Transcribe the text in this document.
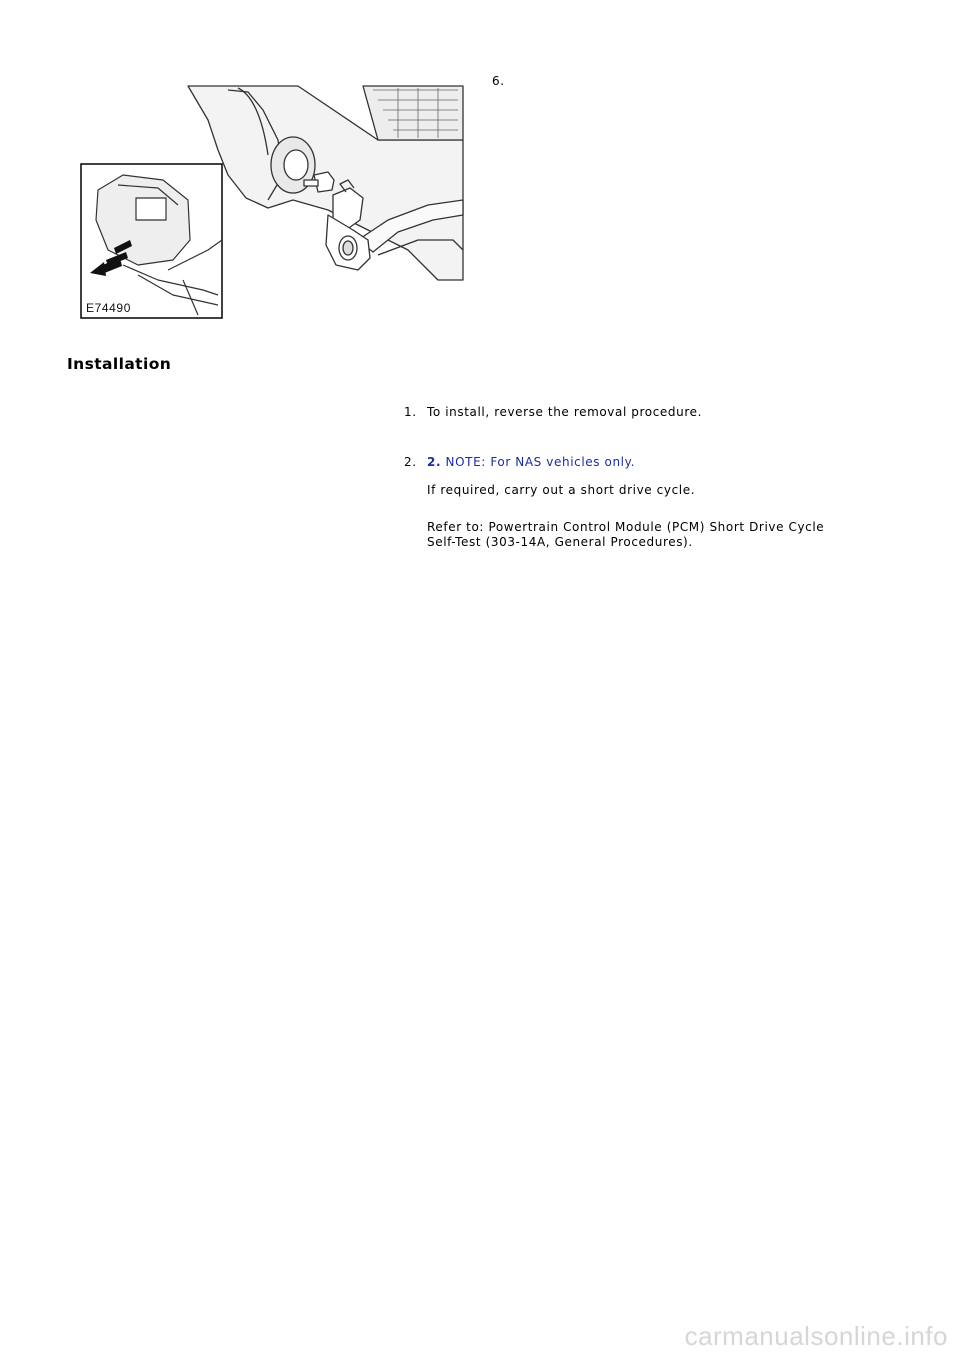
E74490
6.
Installation
1. To install, reverse the removal procedure.
2. 2. NOTE: For NAS vehicles only.
If required, carry out a short drive cycle.
Refer to: Powertrain Control Module (PCM) Short Drive Cycle
Self-Test (303-14A, General Procedures).
carmanualsonline.info
